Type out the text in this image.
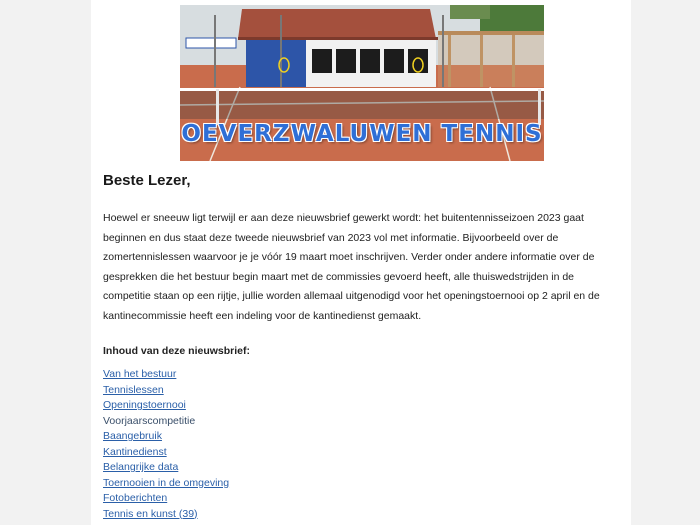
OEVERZWALUWEN TENNIS
Beste Lezer,
Hoewel er sneeuw ligt terwijl er aan deze nieuwsbrief gewerkt wordt: het buitentennisseizoen 2023 gaat beginnen en dus staat deze tweede nieuwsbrief van 2023 vol met informatie. Bijvoorbeeld over de zomertennislessen waarvoor je je vóór 19 maart moet inschrijven. Verder onder andere informatie over de gesprekken die het bestuur begin maart met de commissies gevoerd heeft, alle thuiswedstrijden in de competitie staan op een rijtje, jullie worden allemaal uitgenodigd voor het openingstoernooi op 2 april en de kantinecommissie heeft een indeling voor de kantinedienst gemaakt.
Inhoud van deze nieuwsbrief:
Van het bestuur
Tennislessen
Openingstoernooi
Voorjaarscompetitie
Baangebruik
Kantinedienst
Belangrijke data
Toernooien in de omgeving
Fotoberichten
Tennis en kunst (39)
